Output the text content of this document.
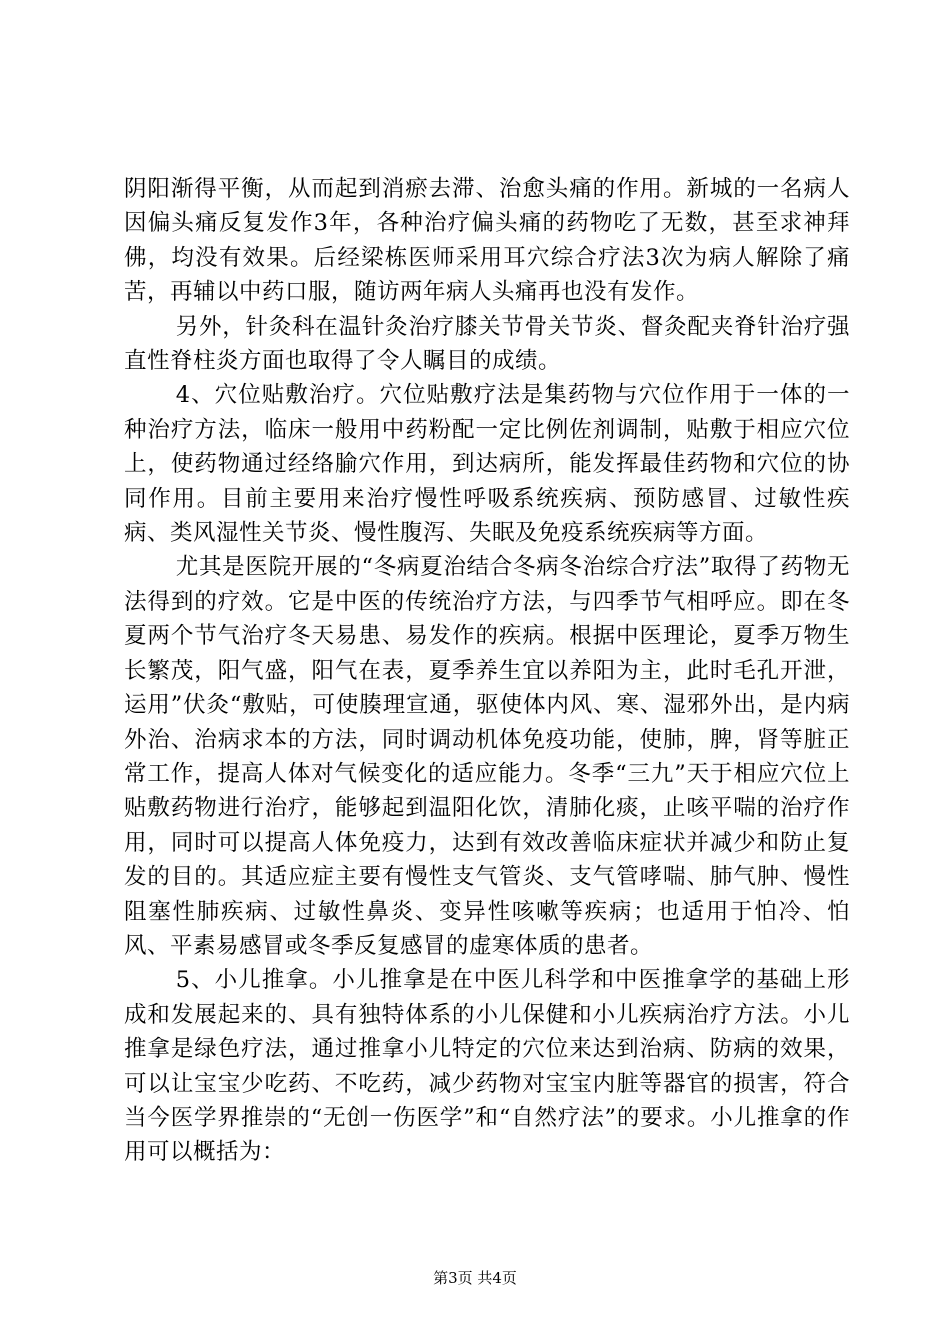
阴阳渐得平衡，从而起到消瘀去滞、治愈头痛的作用。新城的一名病人因偏头痛反复发作3年，各种治疗偏头痛的药物吃了无数，甚至求神拜佛，均没有效果。后经梁栋医师采用耳穴综合疗法3次为病人解除了痛苦，再辅以中药口服，随访两年病人头痛再也没有发作。

另外，针灸科在温针灸治疗膝关节骨关节炎、督灸配夹脊针治疗强直性脊柱炎方面也取得了令人瞩目的成绩。

4、穴位贴敷治疗。穴位贴敷疗法是集药物与穴位作用于一体的一种治疗方法，临床一般用中药粉配一定比例佐剂调制，贴敷于相应穴位上，使药物通过经络腧穴作用，到达病所，能发挥最佳药物和穴位的协同作用。目前主要用来治疗慢性呼吸系统疾病、预防感冒、过敏性疾病、类风湿性关节炎、慢性腹泻、失眠及免疫系统疾病等方面。

尤其是医院开展的“冬病夏治结合冬病冬治综合疗法”取得了药物无法得到的疗效。它是中医的传统治疗方法，与四季节气相呼应。即在冬夏两个节气治疗冬天易患、易发作的疾病。根据中医理论，夏季万物生长繁茂，阳气盛，阳气在表，夏季养生宜以养阳为主，此时毛孔开泄，运用”伏灸“敷贴，可使腠理宣通，驱使体内风、寒、湿邪外出，是内病外治、治病求本的方法，同时调动机体免疫功能，使肺，脾，肾等脏正常工作，提高人体对气候变化的适应能力。冬季“三九”天于相应穴位上贴敷药物进行治疗，能够起到温阳化饮，清肺化痰，止咳平喘的治疗作用，同时可以提高人体免疫力，达到有效改善临床症状并减少和防止复发的目的。其适应症主要有慢性支气管炎、支气管哮喘、肺气肿、慢性阻塞性肺疾病、过敏性鼻炎、变异性咳嗽等疾病；也适用于怕冷、怕风、平素易感冒或冬季反复感冒的虚寒体质的患者。

5、小儿推拿。小儿推拿是在中医儿科学和中医推拿学的基础上形成和发展起来的、具有独特体系的小儿保健和小儿疾病治疗方法。小儿推拿是绿色疗法，通过推拿小儿特定的穴位来达到治病、防病的效果，可以让宝宝少吃药、不吃药，减少药物对宝宝内脏等器官的损害，符合当今医学界推崇的“无创一伤医学”和“自然疗法”的要求。小儿推拿的作用可以概括为：

第3页 共4页
